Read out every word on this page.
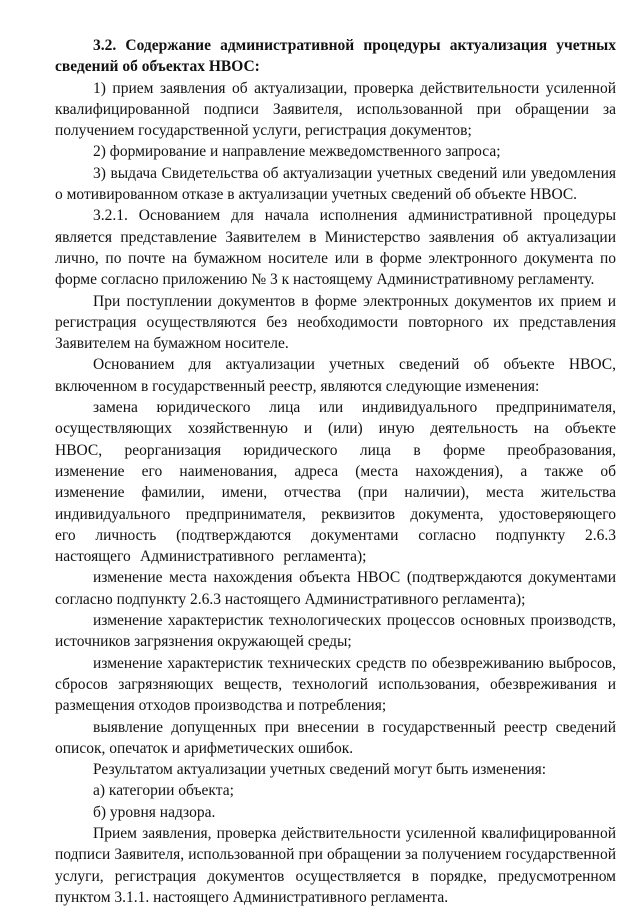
3.2. Содержание административной процедуры актуализация учетных сведений об объектах НВОС:

1) прием заявления об актуализации, проверка действительности усиленной квалифицированной подписи Заявителя, использованной при обращении за получением государственной услуги, регистрация документов;

2) формирование и направление межведомственного запроса;

3) выдача Свидетельства об актуализации учетных сведений или уведомления о мотивированном отказе в актуализации учетных сведений об объекте НВОС.

3.2.1. Основанием для начала исполнения административной процедуры является представление Заявителем в Министерство заявления об актуализации лично, по почте на бумажном носителе или в форме электронного документа по форме согласно приложению № 3 к настоящему Административному регламенту.

При поступлении документов в форме электронных документов их прием и регистрация осуществляются без необходимости повторного их представления Заявителем на бумажном носителе.

Основанием для актуализации учетных сведений об объекте НВОС, включенном в государственный реестр, являются следующие изменения:

замена юридического лица или индивидуального предпринимателя, осуществляющих хозяйственную и (или) иную деятельность на объекте НВОС, реорганизация юридического лица в форме преобразования, изменение его наименования, адреса (места нахождения), а также об изменение фамилии, имени, отчества (при наличии), места жительства индивидуального предпринимателя, реквизитов документа, удостоверяющего его личность (подтверждаются документами согласно подпункту 2.6.3 настоящего Административного регламента);

изменение места нахождения объекта НВОС (подтверждаются документами согласно подпункту 2.6.3 настоящего Административного регламента);

изменение характеристик технологических процессов основных производств, источников загрязнения окружающей среды;

изменение характеристик технических средств по обезвреживанию выбросов, сбросов загрязняющих веществ, технологий использования, обезвреживания и размещения отходов производства и потребления;

выявление допущенных при внесении в государственный реестр сведений описок, опечаток и арифметических ошибок.

Результатом актуализации учетных сведений могут быть изменения:

а) категории объекта;

б) уровня надзора.

Прием заявления, проверка действительности усиленной квалифицированной подписи Заявителя, использованной при обращении за получением государственной услуги, регистрация документов осуществляется в порядке, предусмотренном пунктом 3.1.1. настоящего Административного регламента.
